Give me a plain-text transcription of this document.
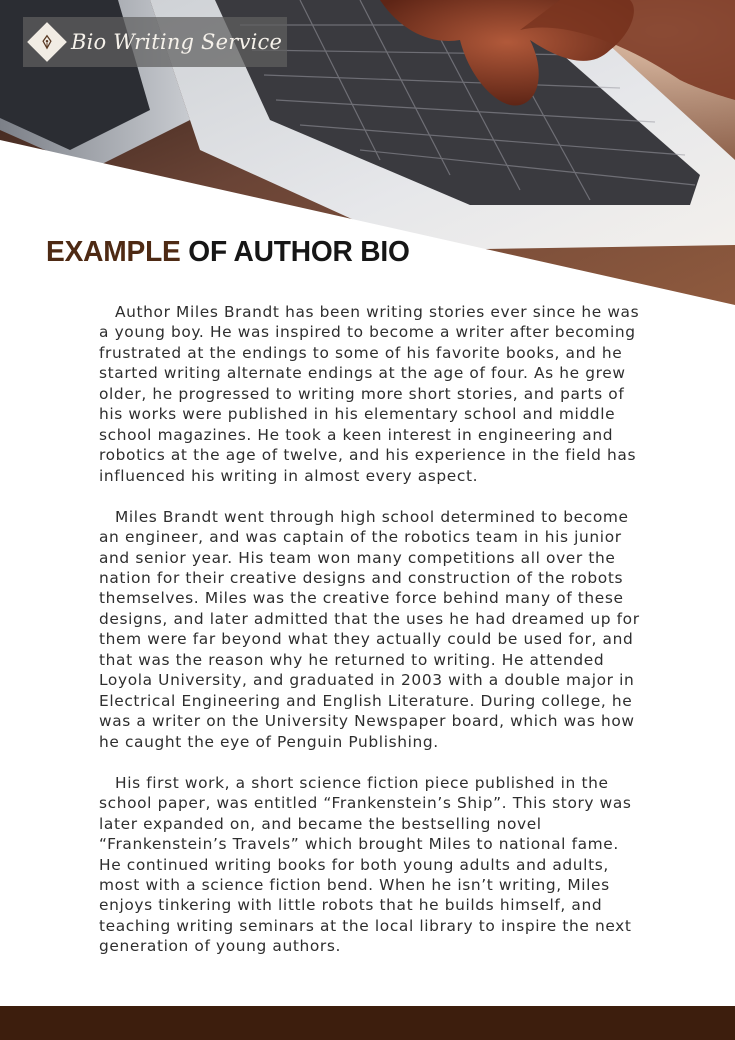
Bio Writing Service
EXAMPLE OF AUTHOR BIO

Author Miles Brandt has been writing stories ever since he was a young boy. He was inspired to become a writer after becoming frustrated at the endings to some of his favorite books, and he started writing alternate endings at the age of four. As he grew older, he progressed to writing more short stories, and parts of his works were published in his elementary school and middle school magazines. He took a keen interest in engineering and robotics at the age of twelve, and his experience in the field has influenced his writing in almost every aspect.

Miles Brandt went through high school determined to become an engineer, and was captain of the robotics team in his junior and senior year. His team won many competitions all over the nation for their creative designs and construction of the robots themselves. Miles was the creative force behind many of these designs, and later admitted that the uses he had dreamed up for them were far beyond what they actually could be used for, and that was the reason why he returned to writing. He attended Loyola University, and graduated in 2003 with a double major in Electrical Engineering and English Literature. During college, he was a writer on the University Newspaper board, which was how he caught the eye of Penguin Publishing.

His first work, a short science fiction piece published in the school paper, was entitled “Frankenstein’s Ship”. This story was later expanded on, and became the bestselling novel “Frankenstein’s Travels” which brought Miles to national fame. He continued writing books for both young adults and adults, most with a science fiction bend. When he isn’t writing, Miles enjoys tinkering with little robots that he builds himself, and teaching writing seminars at the local library to inspire the next generation of young authors.
